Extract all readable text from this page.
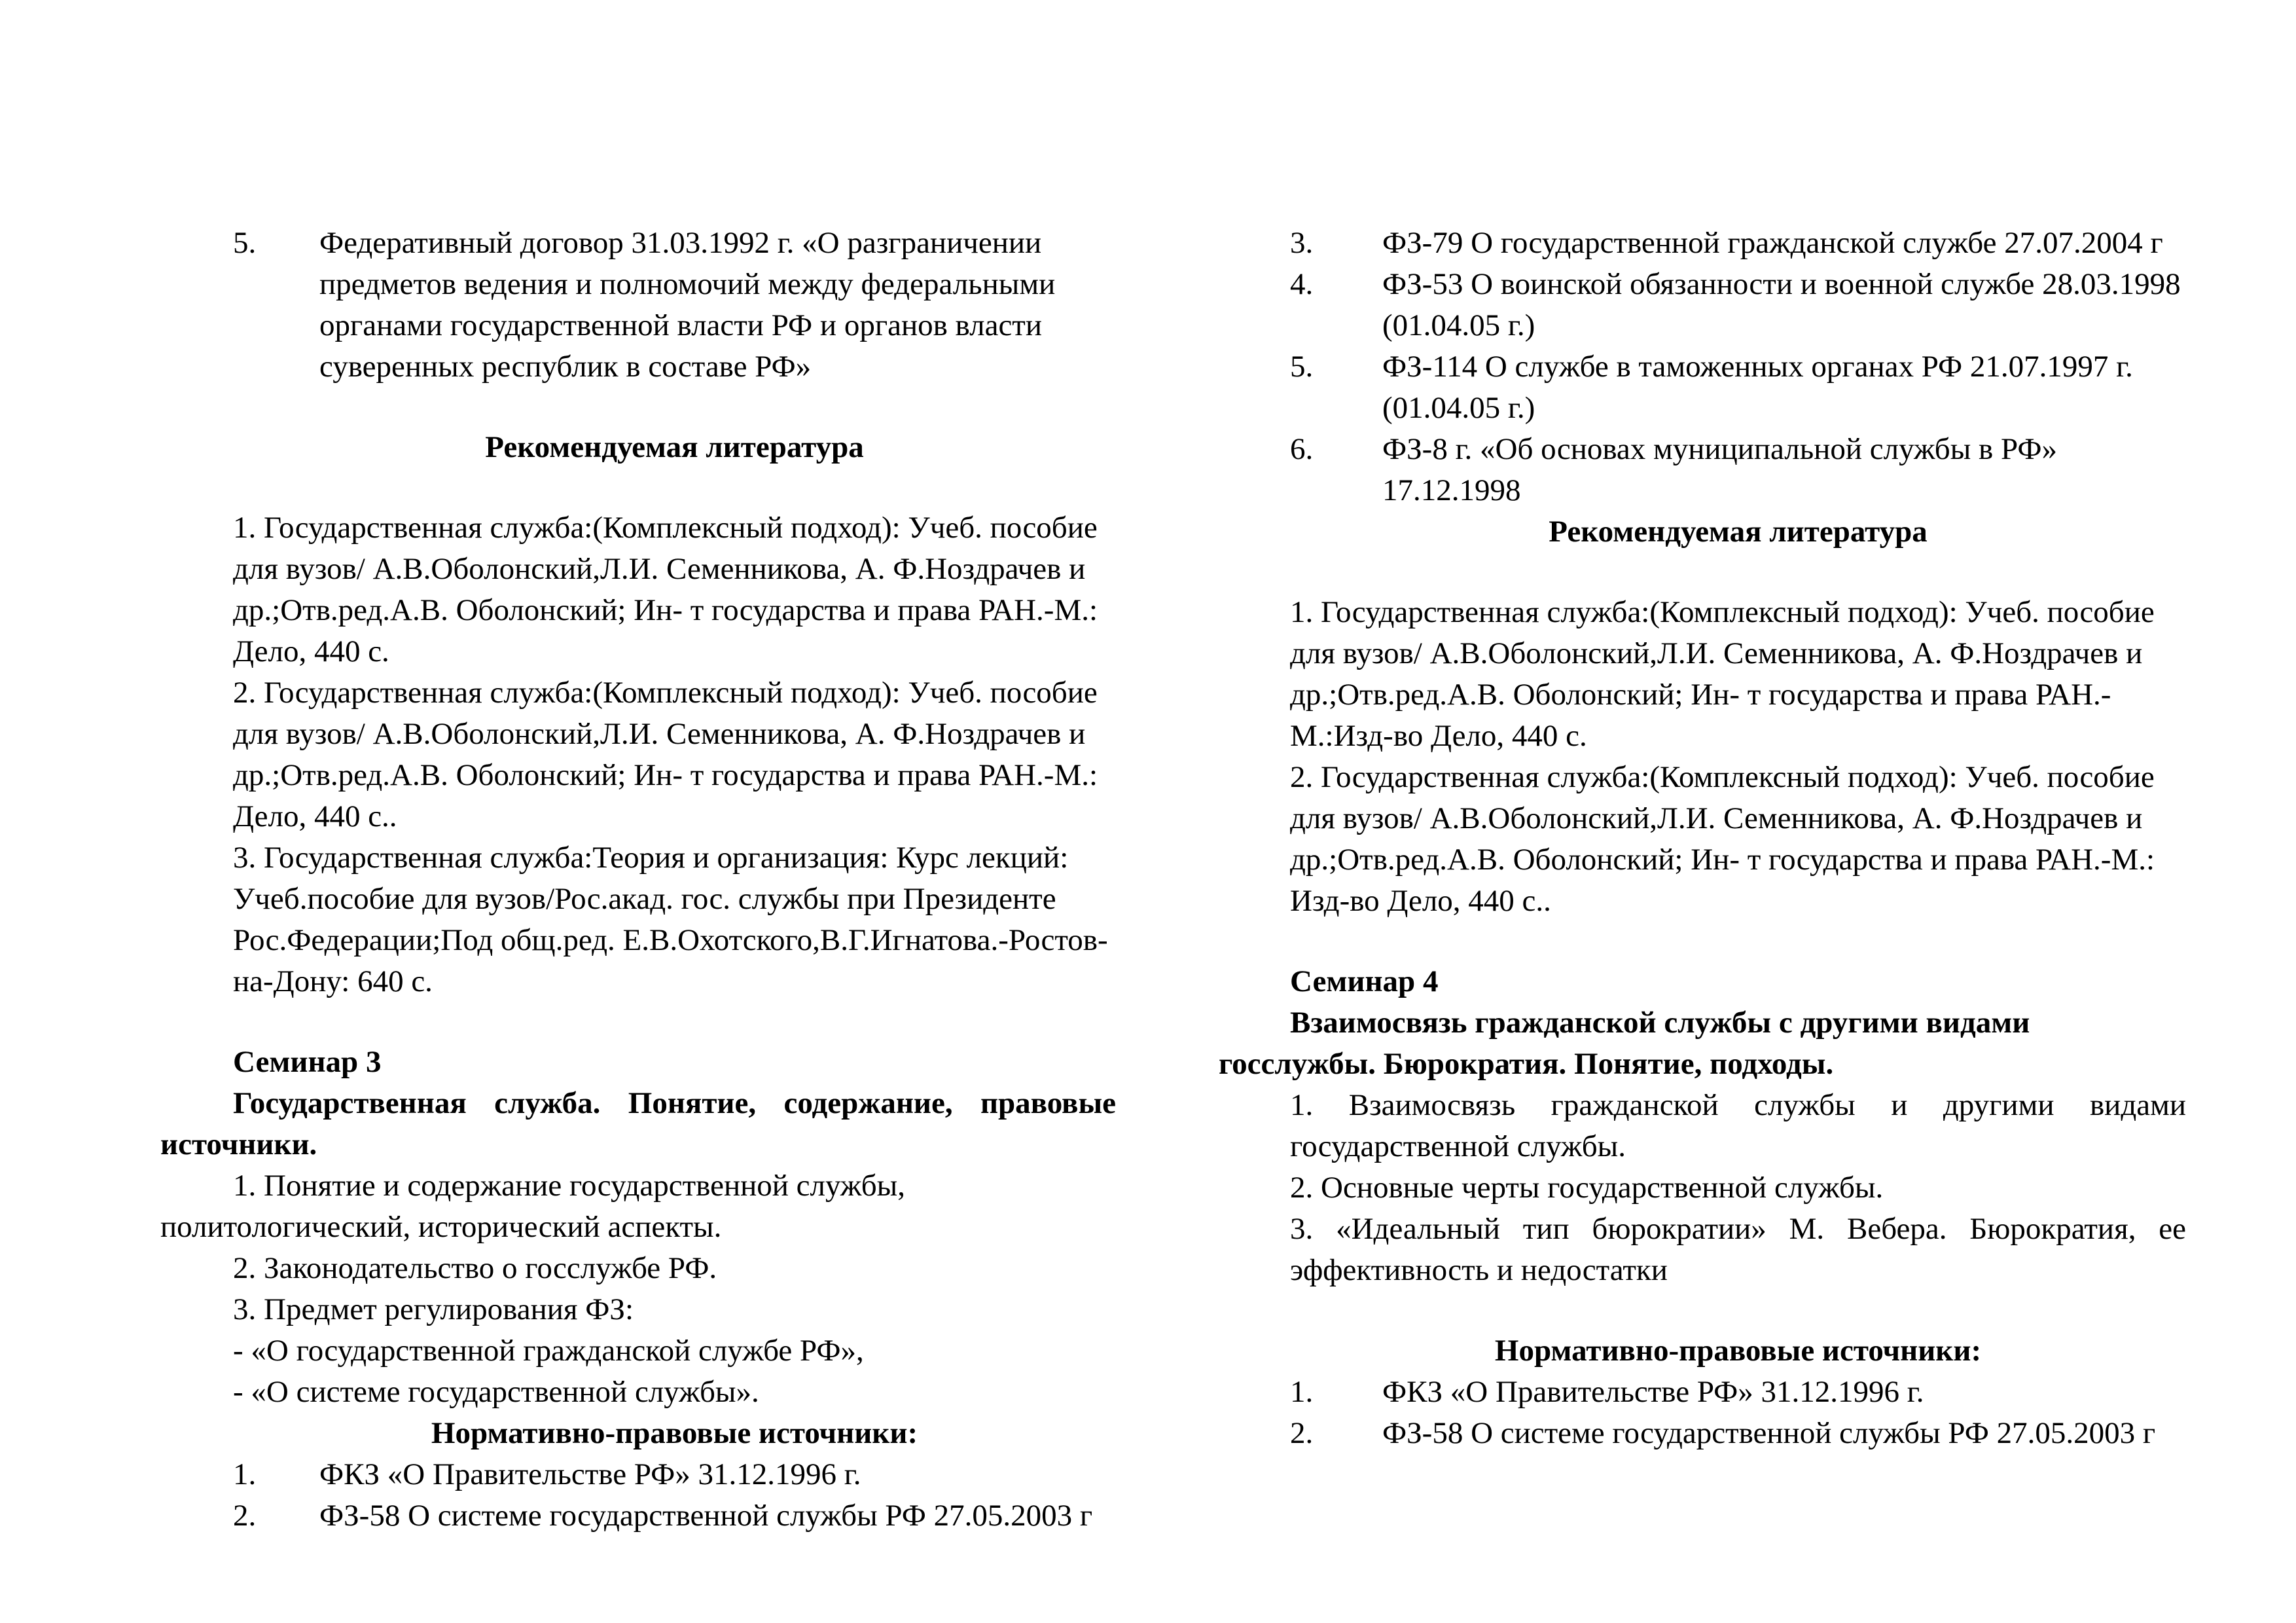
5. Федеративный договор 31.03.1992 г. «О разграничении предметов ведения и полномочий между федеральными органами государственной власти РФ и органов власти суверенных республик в составе РФ»
Рекомендуемая литература
1. Государственная служба:(Комплексный подход): Учеб. пособие для вузов/ А.В.Оболонский,Л.И. Семенникова, А. Ф.Ноздрачев и др.;Отв.ред.А.В. Оболонский; Ин- т государства и права РАН.-М.: Дело, 440 с.
2. Государственная служба:(Комплексный подход): Учеб. пособие для вузов/ А.В.Оболонский,Л.И. Семенникова, А. Ф.Ноздрачев и др.;Отв.ред.А.В. Оболонский; Ин- т государства и права РАН.-М.: Дело, 440 с..
3. Государственная служба:Теория и организация: Курс лекций: Учеб.пособие для вузов/Рос.акад. гос. службы при Президенте Рос.Федерации;Под общ.ред. Е.В.Охотского,В.Г.Игнатова.-Ростов-на-Дону: 640 с.
Семинар 3
Государственная служба. Понятие, содержание, правовые источники.
1. Понятие и содержание государственной службы, политологический, исторический аспекты.
2. Законодательство о госслужбе РФ.
3. Предмет регулирования ФЗ:
- «О государственной гражданской службе РФ»,
- «О системе государственной службы».
Нормативно-правовые источники:
1. ФКЗ «О Правительстве РФ» 31.12.1996 г.
2. ФЗ-58 О системе государственной службы РФ 27.05.2003 г
3. ФЗ-79 О государственной гражданской службе 27.07.2004 г
4. ФЗ-53 О воинской обязанности и военной службе 28.03.1998 (01.04.05 г.)
5. ФЗ-114 О службе в таможенных органах РФ 21.07.1997 г. (01.04.05 г.)
6. ФЗ-8 г. «Об основах муниципальной службы в РФ» 17.12.1998
Рекомендуемая литература
1. Государственная служба:(Комплексный подход): Учеб. пособие для вузов/ А.В.Оболонский,Л.И. Семенникова, А. Ф.Ноздрачев и др.;Отв.ред.А.В. Оболонский; Ин- т государства и права РАН.-М.:Изд-во Дело, 440 с.
2. Государственная служба:(Комплексный подход): Учеб. пособие для вузов/ А.В.Оболонский,Л.И. Семенникова, А. Ф.Ноздрачев и др.;Отв.ред.А.В. Оболонский; Ин- т государства и права РАН.-М.: Изд-во Дело, 440 с..
Семинар 4
Взаимосвязь гражданской службы с другими видами госслужбы. Бюрократия. Понятие, подходы.
1. Взаимосвязь гражданской службы и другими видами государственной службы.
2. Основные черты государственной службы.
3. «Идеальный тип бюрократии» М. Вебера. Бюрократия, ее эффективность и недостатки
Нормативно-правовые источники:
1. ФКЗ «О Правительстве РФ» 31.12.1996 г.
2. ФЗ-58 О системе государственной службы РФ 27.05.2003 г
